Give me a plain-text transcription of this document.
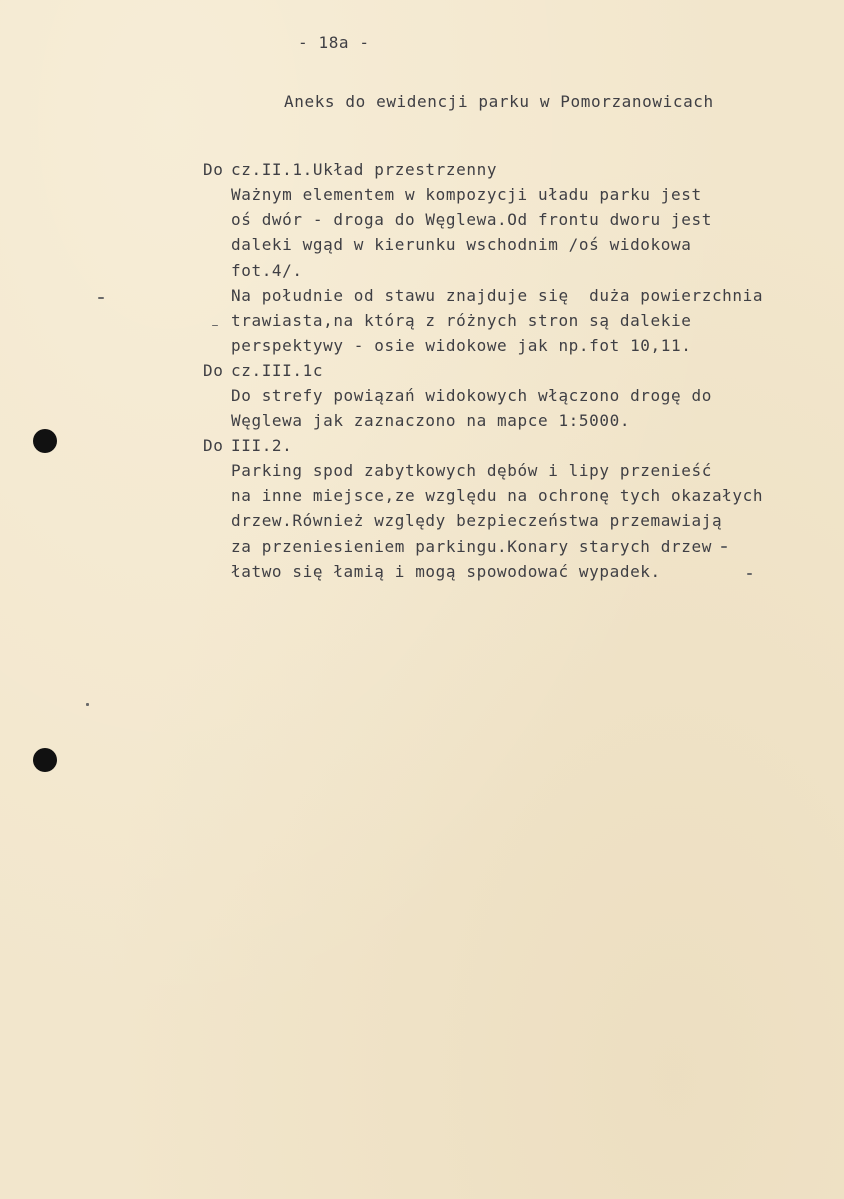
- 18a -
Aneks do ewidencji parku w Pomorzanowicach
Do cz.II.1.Układ przestrzenny
Ważnym elementem w kompozycji uładu parku jest
oś dwór - droga do Węglewa.Od frontu dworu jest
daleki wgąd w kierunku wschodnim /oś widokowa
fot.4/.
Na południe od stawu znajduje się  duża powierzchnia
trawiasta,na którą z różnych stron są dalekie
perspektywy - osie widokowe jak np.fot 10,11.
Do cz.III.1c
Do strefy powiązań widokowych włączono drogę do
Węglewa jak zaznaczono na mapce 1:5000.
Do III.2.
Parking spod zabytkowych dębów i lipy przenieść
na inne miejsce,ze względu na ochronę tych okazałych
drzew.Również względy bezpieczeństwa przemawiają
za przeniesieniem parkingu.Konary starych drzew
łatwo się łamią i mogą spowodować wypadek.
